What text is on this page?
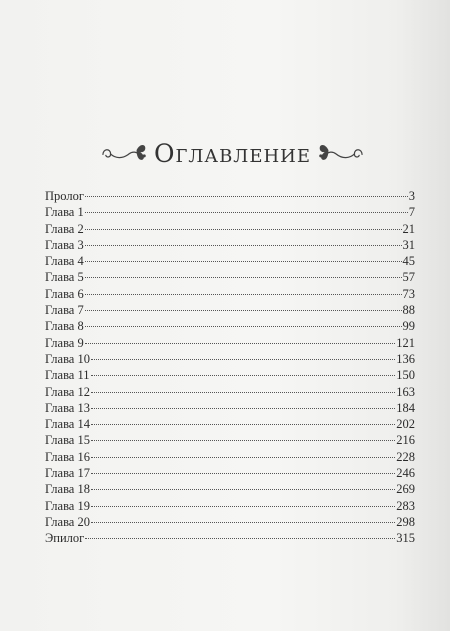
Оглавление
Пролог	3
Глава 1	7
Глава 2	21
Глава 3	31
Глава 4	45
Глава 5	57
Глава 6	73
Глава 7	88
Глава 8	99
Глава 9	121
Глава 10	136
Глава 11	150
Глава 12	163
Глава 13	184
Глава 14	202
Глава 15	216
Глава 16	228
Глава 17	246
Глава 18	269
Глава 19	283
Глава 20	298
Эпилог	315
